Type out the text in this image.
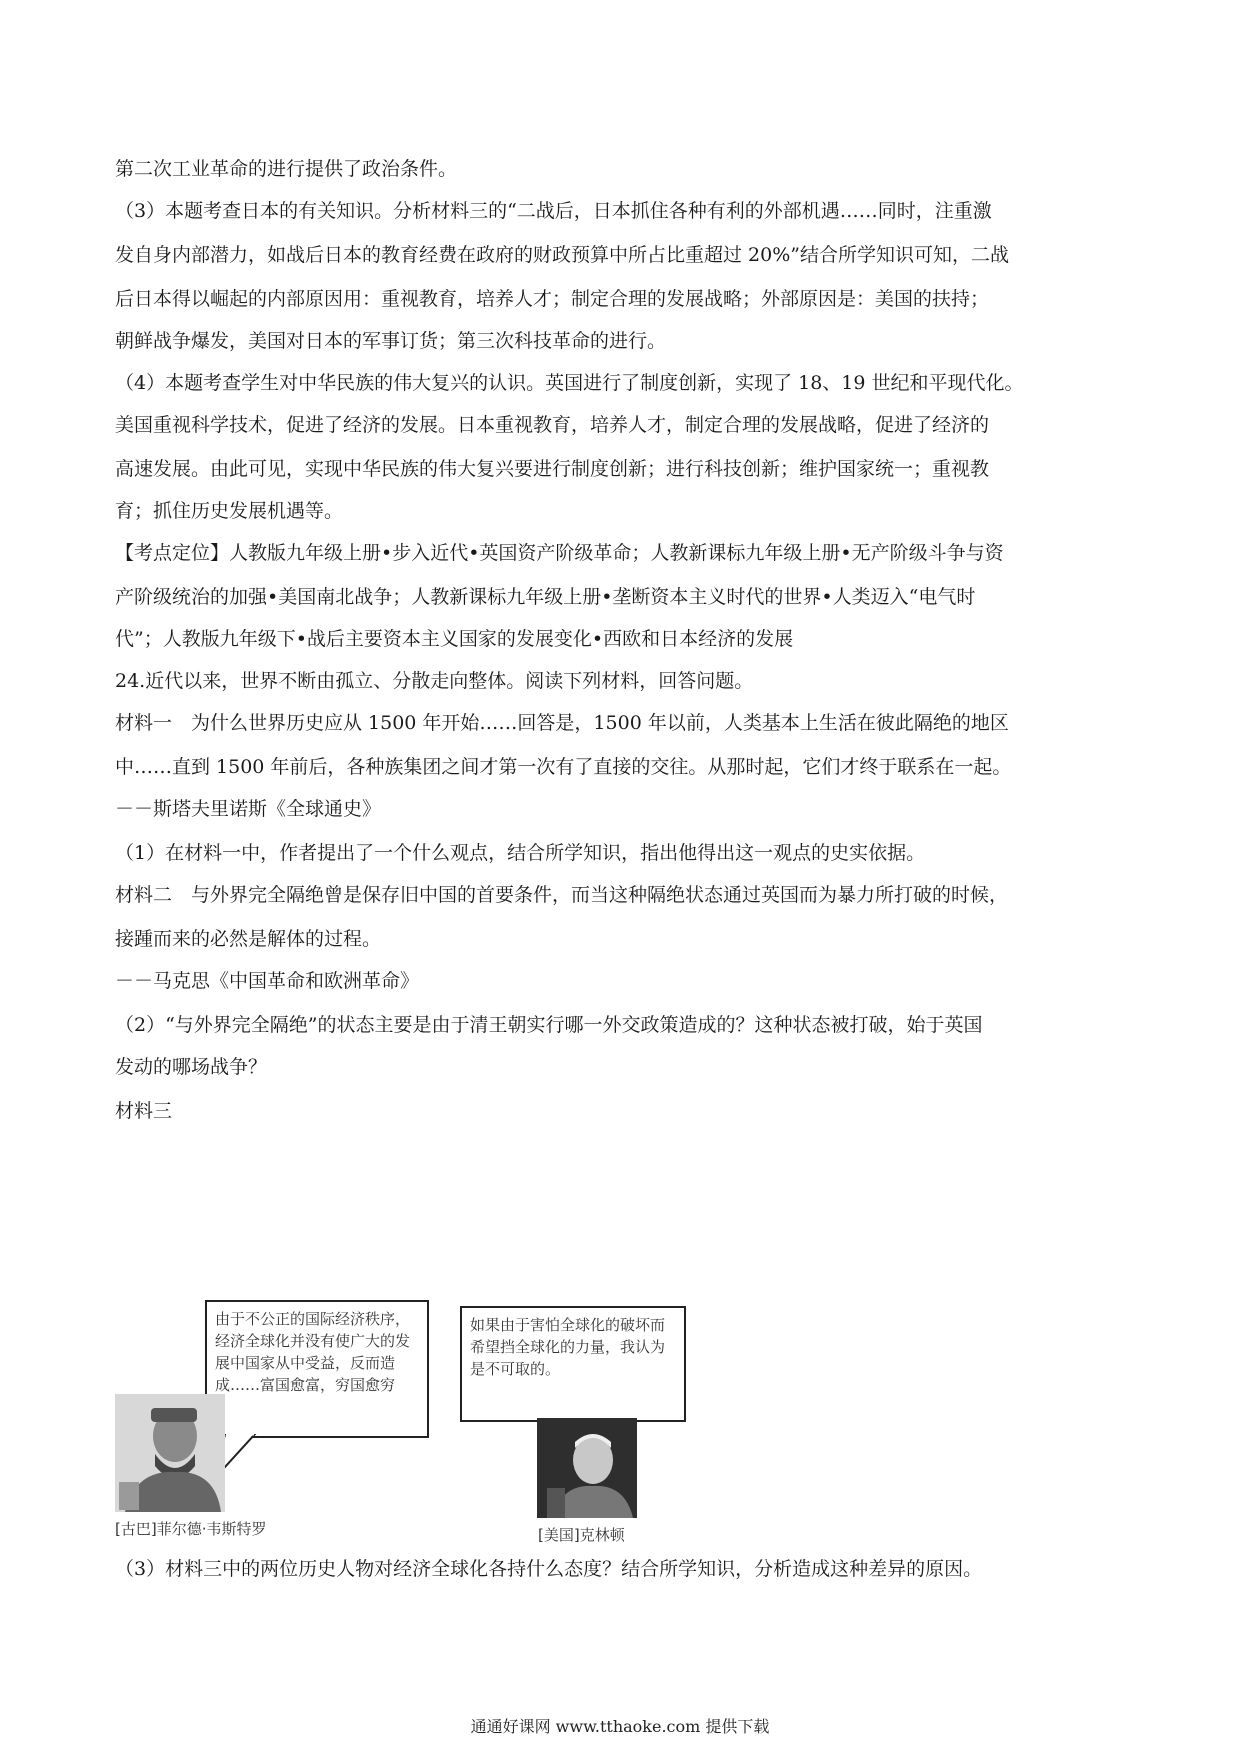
第二次工业革命的进行提供了政治条件。
（3）本题考查日本的有关知识。分析材料三的“二战后，日本抓住各种有利的外部机遇……同时，注重激
发自身内部潜力，如战后日本的教育经费在政府的财政预算中所占比重超过 20%”结合所学知识可知，二战
后日本得以崛起的内部原因用：重视教育，培养人才；制定合理的发展战略；外部原因是：美国的扶持；
朝鲜战争爆发，美国对日本的军事订货；第三次科技革命的进行。
（4）本题考查学生对中华民族的伟大复兴的认识。英国进行了制度创新，实现了 18、19 世纪和平现代化。
美国重视科学技术，促进了经济的发展。日本重视教育，培养人才，制定合理的发展战略，促进了经济的
高速发展。由此可见，实现中华民族的伟大复兴要进行制度创新；进行科技创新；维护国家统一；重视教
育；抓住历史发展机遇等。
【考点定位】人教版九年级上册•步入近代•英国资产阶级革命；人教新课标九年级上册•无产阶级斗争与资
产阶级统治的加强•美国南北战争；人教新课标九年级上册•垄断资本主义时代的世界•人类迈入“电气时
代”；人教版九年级下•战后主要资本主义国家的发展变化•西欧和日本经济的发展
24.近代以来，世界不断由孤立、分散走向整体。阅读下列材料，回答问题。
材料一　为什么世界历史应从 1500 年开始……回答是，1500 年以前，人类基本上生活在彼此隔绝的地区
中……直到 1500 年前后，各种族集团之间才第一次有了直接的交往。从那时起，它们才终于联系在一起。
－－斯塔夫里诺斯《全球通史》
（1）在材料一中，作者提出了一个什么观点，结合所学知识，指出他得出这一观点的史实依据。
材料二　与外界完全隔绝曾是保存旧中国的首要条件，而当这种隔绝状态通过英国而为暴力所打破的时候，
接踵而来的必然是解体的过程。
－－马克思《中国革命和欧洲革命》
（2）“与外界完全隔绝”的状态主要是由于清王朝实行哪一外交政策造成的？这种状态被打破，始于英国
发动的哪场战争？
材料三
由于不公正的国际经济秩序，经济全球化并没有使广大的发展中国家从中受益，反而造成……富国愈富，穷国愈穷
如果由于害怕全球化的破坏而希望挡全球化的力量，我认为是不可取的。
[古巴]菲尔德·韦斯特罗	[美国]克林顿
（3）材料三中的两位历史人物对经济全球化各持什么态度？结合所学知识，分析造成这种差异的原因。
通通好课网 www.tthaoke.com 提供下载
